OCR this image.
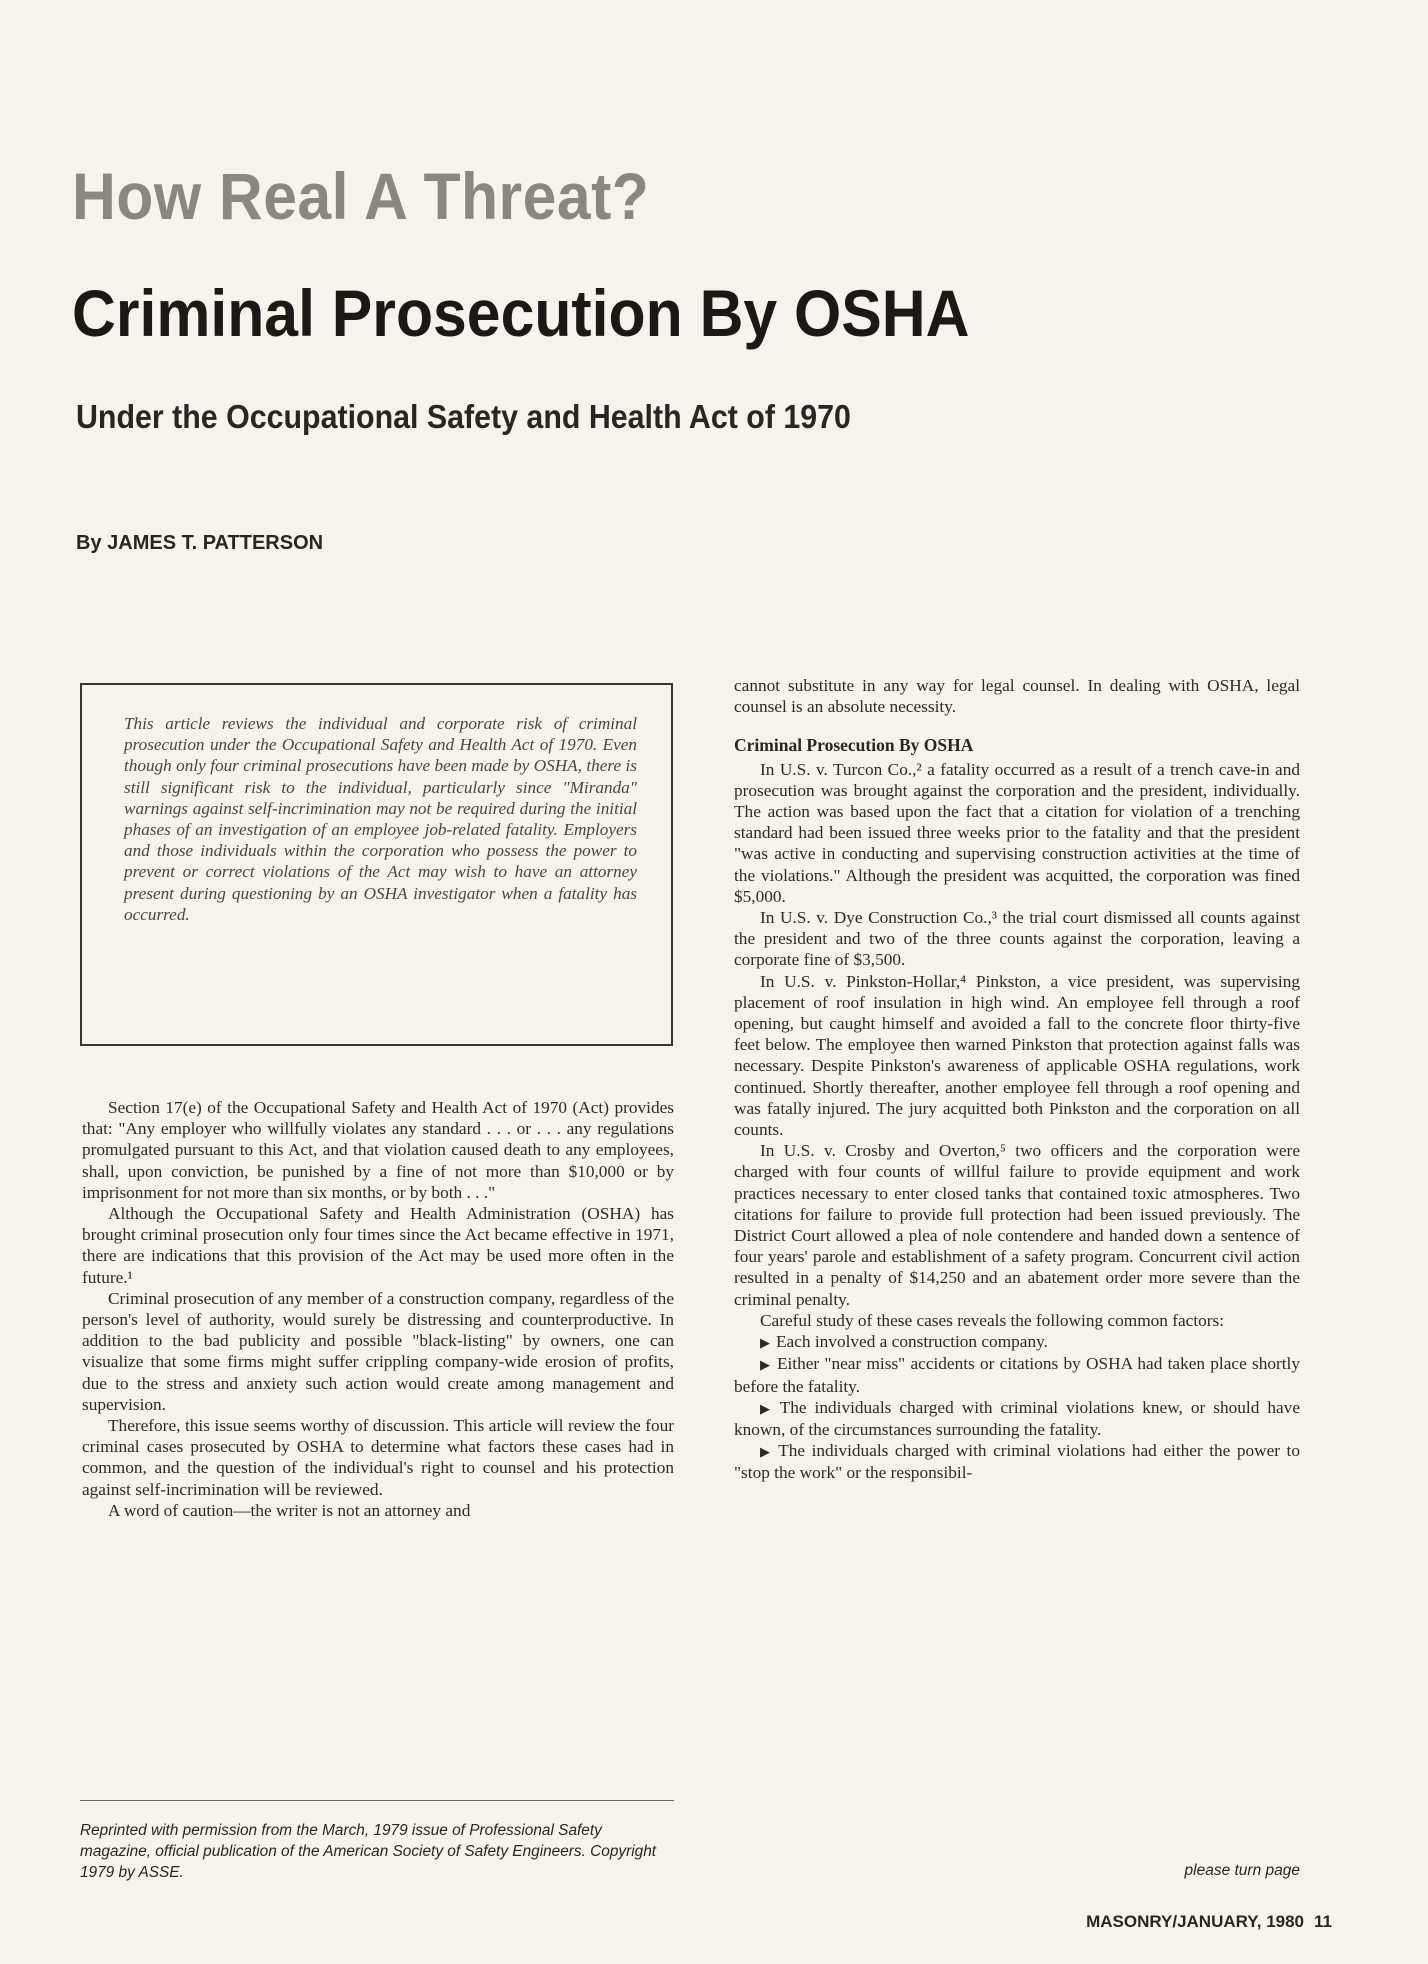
How Real A Threat?
Criminal Prosecution By OSHA
Under the Occupational Safety and Health Act of 1970
By JAMES T. PATTERSON
This article reviews the individual and corporate risk of criminal prosecution under the Occupational Safety and Health Act of 1970. Even though only four criminal prosecutions have been made by OSHA, there is still significant risk to the individual, particularly since "Miranda" warnings against self-incrimination may not be required during the initial phases of an investigation of an employee job-related fatality. Employers and those individuals within the corporation who possess the power to prevent or correct violations of the Act may wish to have an attorney present during questioning by an OSHA investigator when a fatality has occurred.

Section 17(e) of the Occupational Safety and Health Act of 1970 (Act) provides that: "Any employer who willfully violates any standard . . . or . . . any regulations promulgated pursuant to this Act, and that violation caused death to any employees, shall, upon conviction, be punished by a fine of not more than $10,000 or by imprisonment for not more than six months, or by both . . ."

Although the Occupational Safety and Health Administration (OSHA) has brought criminal prosecution only four times since the Act became effective in 1971, there are indications that this provision of the Act may be used more often in the future.¹

Criminal prosecution of any member of a construction company, regardless of the person's level of authority, would surely be distressing and counterproductive. In addition to the bad publicity and possible "black-listing" by owners, one can visualize that some firms might suffer crippling company-wide erosion of profits, due to the stress and anxiety such action would create among management and supervision.

Therefore, this issue seems worthy of discussion. This article will review the four criminal cases prosecuted by OSHA to determine what factors these cases had in common, and the question of the individual's right to counsel and his protection against self-incrimination will be reviewed.

A word of caution—the writer is not an attorney and

Reprinted with permission from the March, 1979 issue of Professional Safety magazine, official publication of the American Society of Safety Engineers. Copyright 1979 by ASSE.

cannot substitute in any way for legal counsel. In dealing with OSHA, legal counsel is an absolute necessity.

Criminal Prosecution By OSHA

In U.S. v. Turcon Co.,² a fatality occurred as a result of a trench cave-in and prosecution was brought against the corporation and the president, individually. The action was based upon the fact that a citation for violation of a trenching standard had been issued three weeks prior to the fatality and that the president "was active in conducting and supervising construction activities at the time of the violations." Although the president was acquitted, the corporation was fined $5,000.

In U.S. v. Dye Construction Co.,³ the trial court dismissed all counts against the president and two of the three counts against the corporation, leaving a corporate fine of $3,500.

In U.S. v. Pinkston-Hollar,⁴ Pinkston, a vice president, was supervising placement of roof insulation in high wind. An employee fell through a roof opening, but caught himself and avoided a fall to the concrete floor thirty-five feet below. The employee then warned Pinkston that protection against falls was necessary. Despite Pinkston's awareness of applicable OSHA regulations, work continued. Shortly thereafter, another employee fell through a roof opening and was fatally injured. The jury acquitted both Pinkston and the corporation on all counts.

In U.S. v. Crosby and Overton,⁵ two officers and the corporation were charged with four counts of willful failure to provide equipment and work practices necessary to enter closed tanks that contained toxic atmospheres. Two citations for failure to provide full protection had been issued previously. The District Court allowed a plea of nole contendere and handed down a sentence of four years' parole and establishment of a safety program. Concurrent civil action resulted in a penalty of $14,250 and an abatement order more severe than the criminal penalty.

Careful study of these cases reveals the following common factors:

▶ Each involved a construction company.
▶ Either "near miss" accidents or citations by OSHA had taken place shortly before the fatality.
▶ The individuals charged with criminal violations knew, or should have known, of the circumstances surrounding the fatality.
▶ The individuals charged with criminal violations had either the power to "stop the work" or the responsibil-
please turn page
MASONRY/JANUARY, 1980 11
